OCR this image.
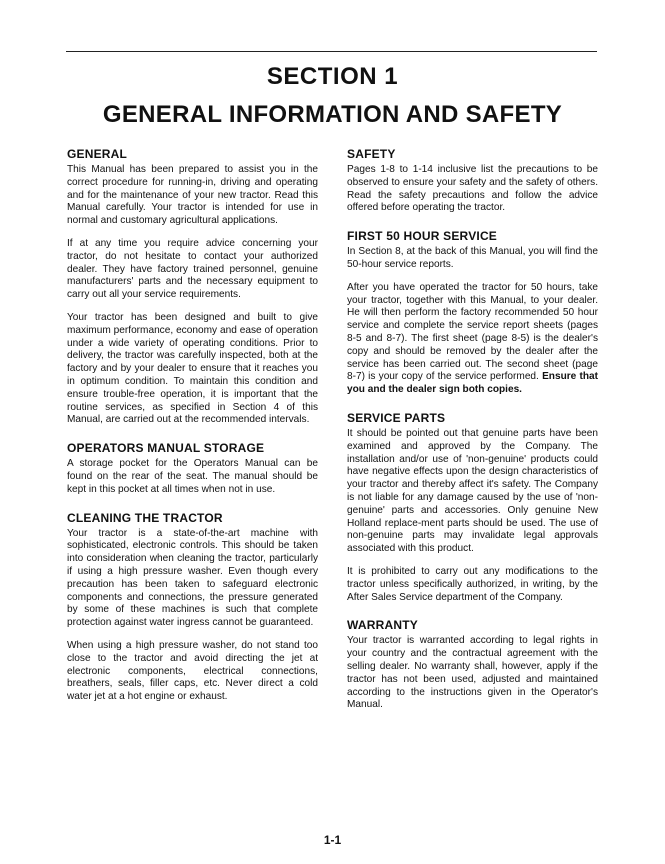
SECTION 1
GENERAL INFORMATION AND SAFETY
GENERAL

This Manual has been prepared to assist you in the correct procedure for running-in, driving and operating and for the maintenance of your new tractor. Read this Manual carefully. Your tractor is intended for use in normal and customary agricultural applications.

If at any time you require advice concerning your tractor, do not hesitate to contact your authorized dealer. They have factory trained personnel, genuine manufacturers' parts and the necessary equipment to carry out all your service requirements.

Your tractor has been designed and built to give maximum performance, economy and ease of operation under a wide variety of operating conditions. Prior to delivery, the tractor was carefully inspected, both at the factory and by your dealer to ensure that it reaches you in optimum condition. To maintain this condition and ensure trouble-free operation, it is important that the routine services, as specified in Section 4 of this Manual, are carried out at the recommended intervals.

OPERATORS MANUAL STORAGE

A storage pocket for the Operators Manual can be found on the rear of the seat. The manual should be kept in this pocket at all times when not in use.

CLEANING THE TRACTOR

Your tractor is a state-of-the-art machine with sophisticated, electronic controls. This should be taken into consideration when cleaning the tractor, particularly if using a high pressure washer. Even though every precaution has been taken to safeguard electronic components and connections, the pressure generated by some of these machines is such that complete protection against water ingress cannot be guaranteed.

When using a high pressure washer, do not stand too close to the tractor and avoid directing the jet at electronic components, electrical connections, breathers, seals, filler caps, etc. Never direct a cold water jet at a hot engine or exhaust.

SAFETY

Pages 1-8 to 1-14 inclusive list the precautions to be observed to ensure your safety and the safety of others. Read the safety precautions and follow the advice offered before operating the tractor.

FIRST 50 HOUR SERVICE

In Section 8, at the back of this Manual, you will find the 50-hour service reports.

After you have operated the tractor for 50 hours, take your tractor, together with this Manual, to your dealer. He will then perform the factory recommended 50 hour service and complete the service report sheets (pages 8-5 and 8-7). The first sheet (page 8-5) is the dealer's copy and should be removed by the dealer after the service has been carried out. The second sheet (page 8-7) is your copy of the service performed. Ensure that you and the dealer sign both copies.

SERVICE PARTS

It should be pointed out that genuine parts have been examined and approved by the Company. The installation and/or use of 'non-genuine' products could have negative effects upon the design characteristics of your tractor and thereby affect it's safety. The Company is not liable for any damage caused by the use of 'non-genuine' parts and accessories. Only genuine New Holland replace-ment parts should be used. The use of non-genuine parts may invalidate legal approvals associated with this product.

It is prohibited to carry out any modifications to the tractor unless specifically authorized, in writing, by the After Sales Service department of the Company.

WARRANTY

Your tractor is warranted according to legal rights in your country and the contractual agreement with the selling dealer. No warranty shall, however, apply if the tractor has not been used, adjusted and maintained according to the instructions given in the Operator's Manual.

1-1
